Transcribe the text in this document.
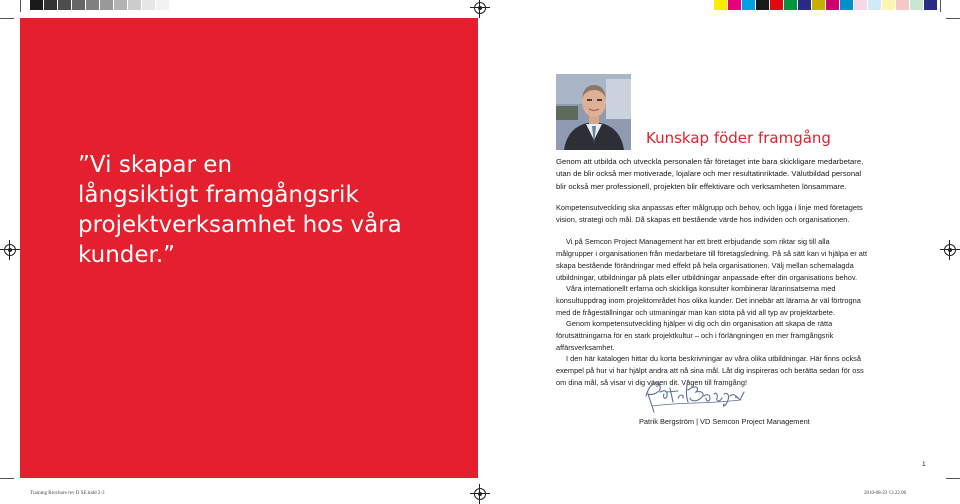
”Vi skapar en
långsiktigt framgångsrik
projektverksamhet hos våra kunder.”
Kunskap föder framgång
Genom att utbilda och utveckla personalen får företaget inte bara skickligare medarbetare, utan de blir också mer motiverade, lojalare och mer resultatinriktade. Välutbildad personal blir också mer professionell, projekten blir effektivare och verksamheten lönsammare.

Kompetensutveckling ska anpassas efter målgrupp och behov, och ligga i linje med företagets vision, strategi och mål. Då skapas ett bestående värde hos individen och organisationen.

Vi på Semcon Project Management har ett brett erbjudande som riktar sig till alla målgrupper i organisationen från medarbetare till företagsledning. På så sätt kan vi hjälpa er att skapa bestående förändringar med effekt på hela organisationen. Välj mellan schemalagda utbildningar, utbildningar på plats eller utbildningar anpassade efter din organisations behov.

Våra internationellt erfarna och skickliga konsulter kombinerar lärarinsatserna med konsultuppdrag inom projektområdet hos olika kunder. Det innebär att lärarna är väl förtrogna med de frågeställningar och utmaningar man kan stöta på vid all typ av projektarbete.

Genom kompetensutveckling hjälper vi dig och din organisation att skapa de rätta förutsättningarna för en stark projektkultur – och i förlängningen en mer framgångsrik affärsverksamhet.

I den här katalogen hittar du korta beskrivningar av våra olika utbildningar. Här finns också exempel på hur vi har hjälpt andra att nå sina mål. Låt dig inspireras och berätta sedan för oss om dina mål, så visar vi dig vägen dit. Vägen till framgång!

Patrik Bergström | VD Semcon Project Management
1
Training Brochure rev D SE.indd 2-3	2010-08-23 13.22.06
